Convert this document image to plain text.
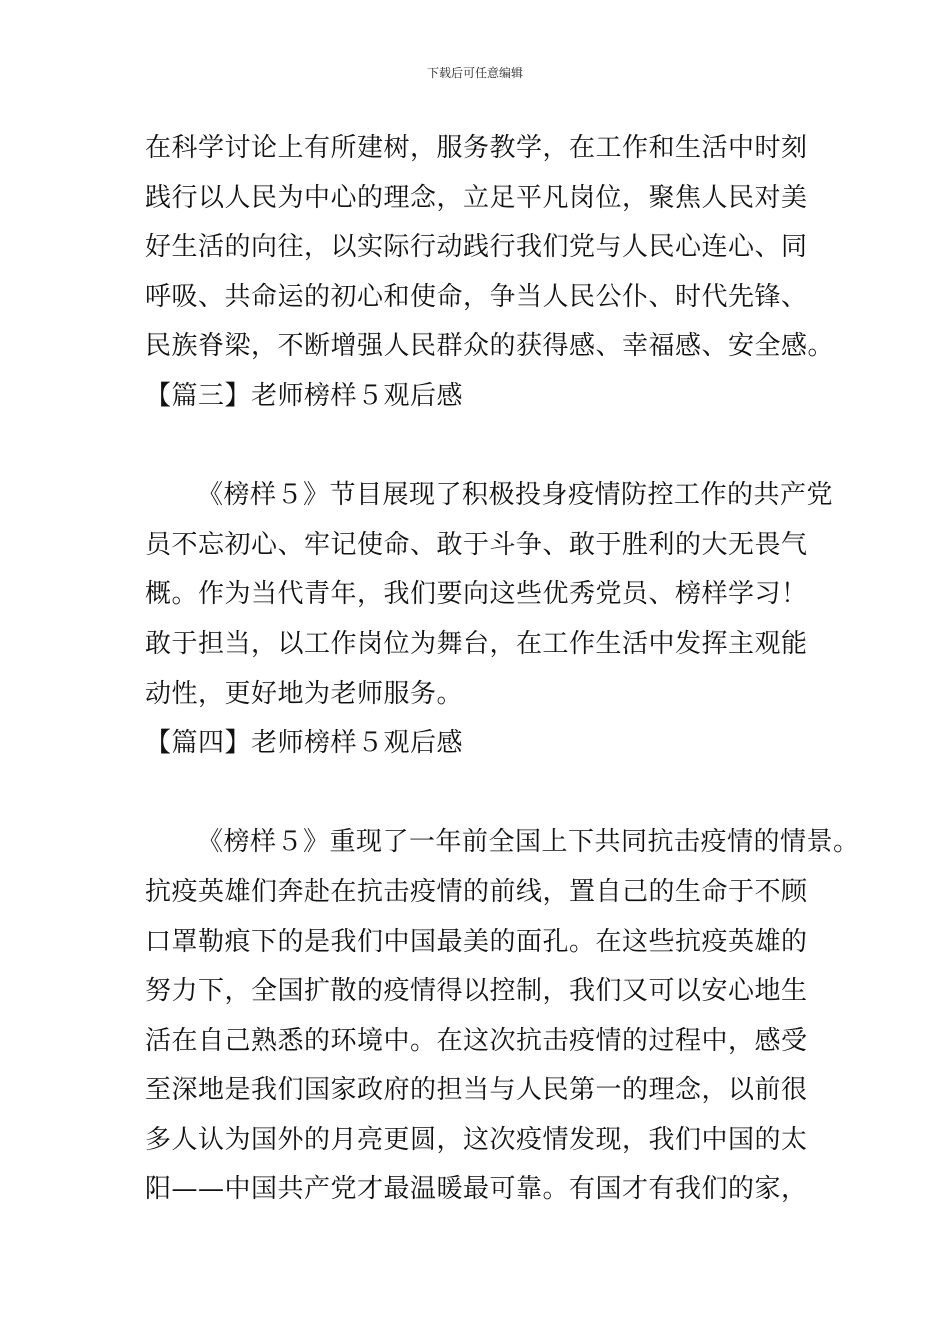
下载后可任意编辑
在科学讨论上有所建树，服务教学，在工作和生活中时刻
践行以人民为中心的理念，立足平凡岗位，聚焦人民对美
好生活的向往，以实际行动践行我们党与人民心连心、同
呼吸、共命运的初心和使命，争当人民公仆、时代先锋、
民族脊梁，不断增强人民群众的获得感、幸福感、安全感。
【篇三】老师榜样５观后感
《榜样５》节目展现了积极投身疫情防控工作的共产党
员不忘初心、牢记使命、敢于斗争、敢于胜利的大无畏气
概。作为当代青年，我们要向这些优秀党员、榜样学习！
敢于担当，以工作岗位为舞台，在工作生活中发挥主观能
动性，更好地为老师服务。
【篇四】老师榜样５观后感
《榜样５》重现了一年前全国上下共同抗击疫情的情景。
抗疫英雄们奔赴在抗击疫情的前线，置自己的生命于不顾
口罩勒痕下的是我们中国最美的面孔。在这些抗疫英雄的
努力下，全国扩散的疫情得以控制，我们又可以安心地生
活在自己熟悉的环境中。在这次抗击疫情的过程中，感受
至深地是我们国家政府的担当与人民第一的理念，以前很
多人认为国外的月亮更圆，这次疫情发现，我们中国的太
阳——中国共产党才最温暖最可靠。有国才有我们的家，
